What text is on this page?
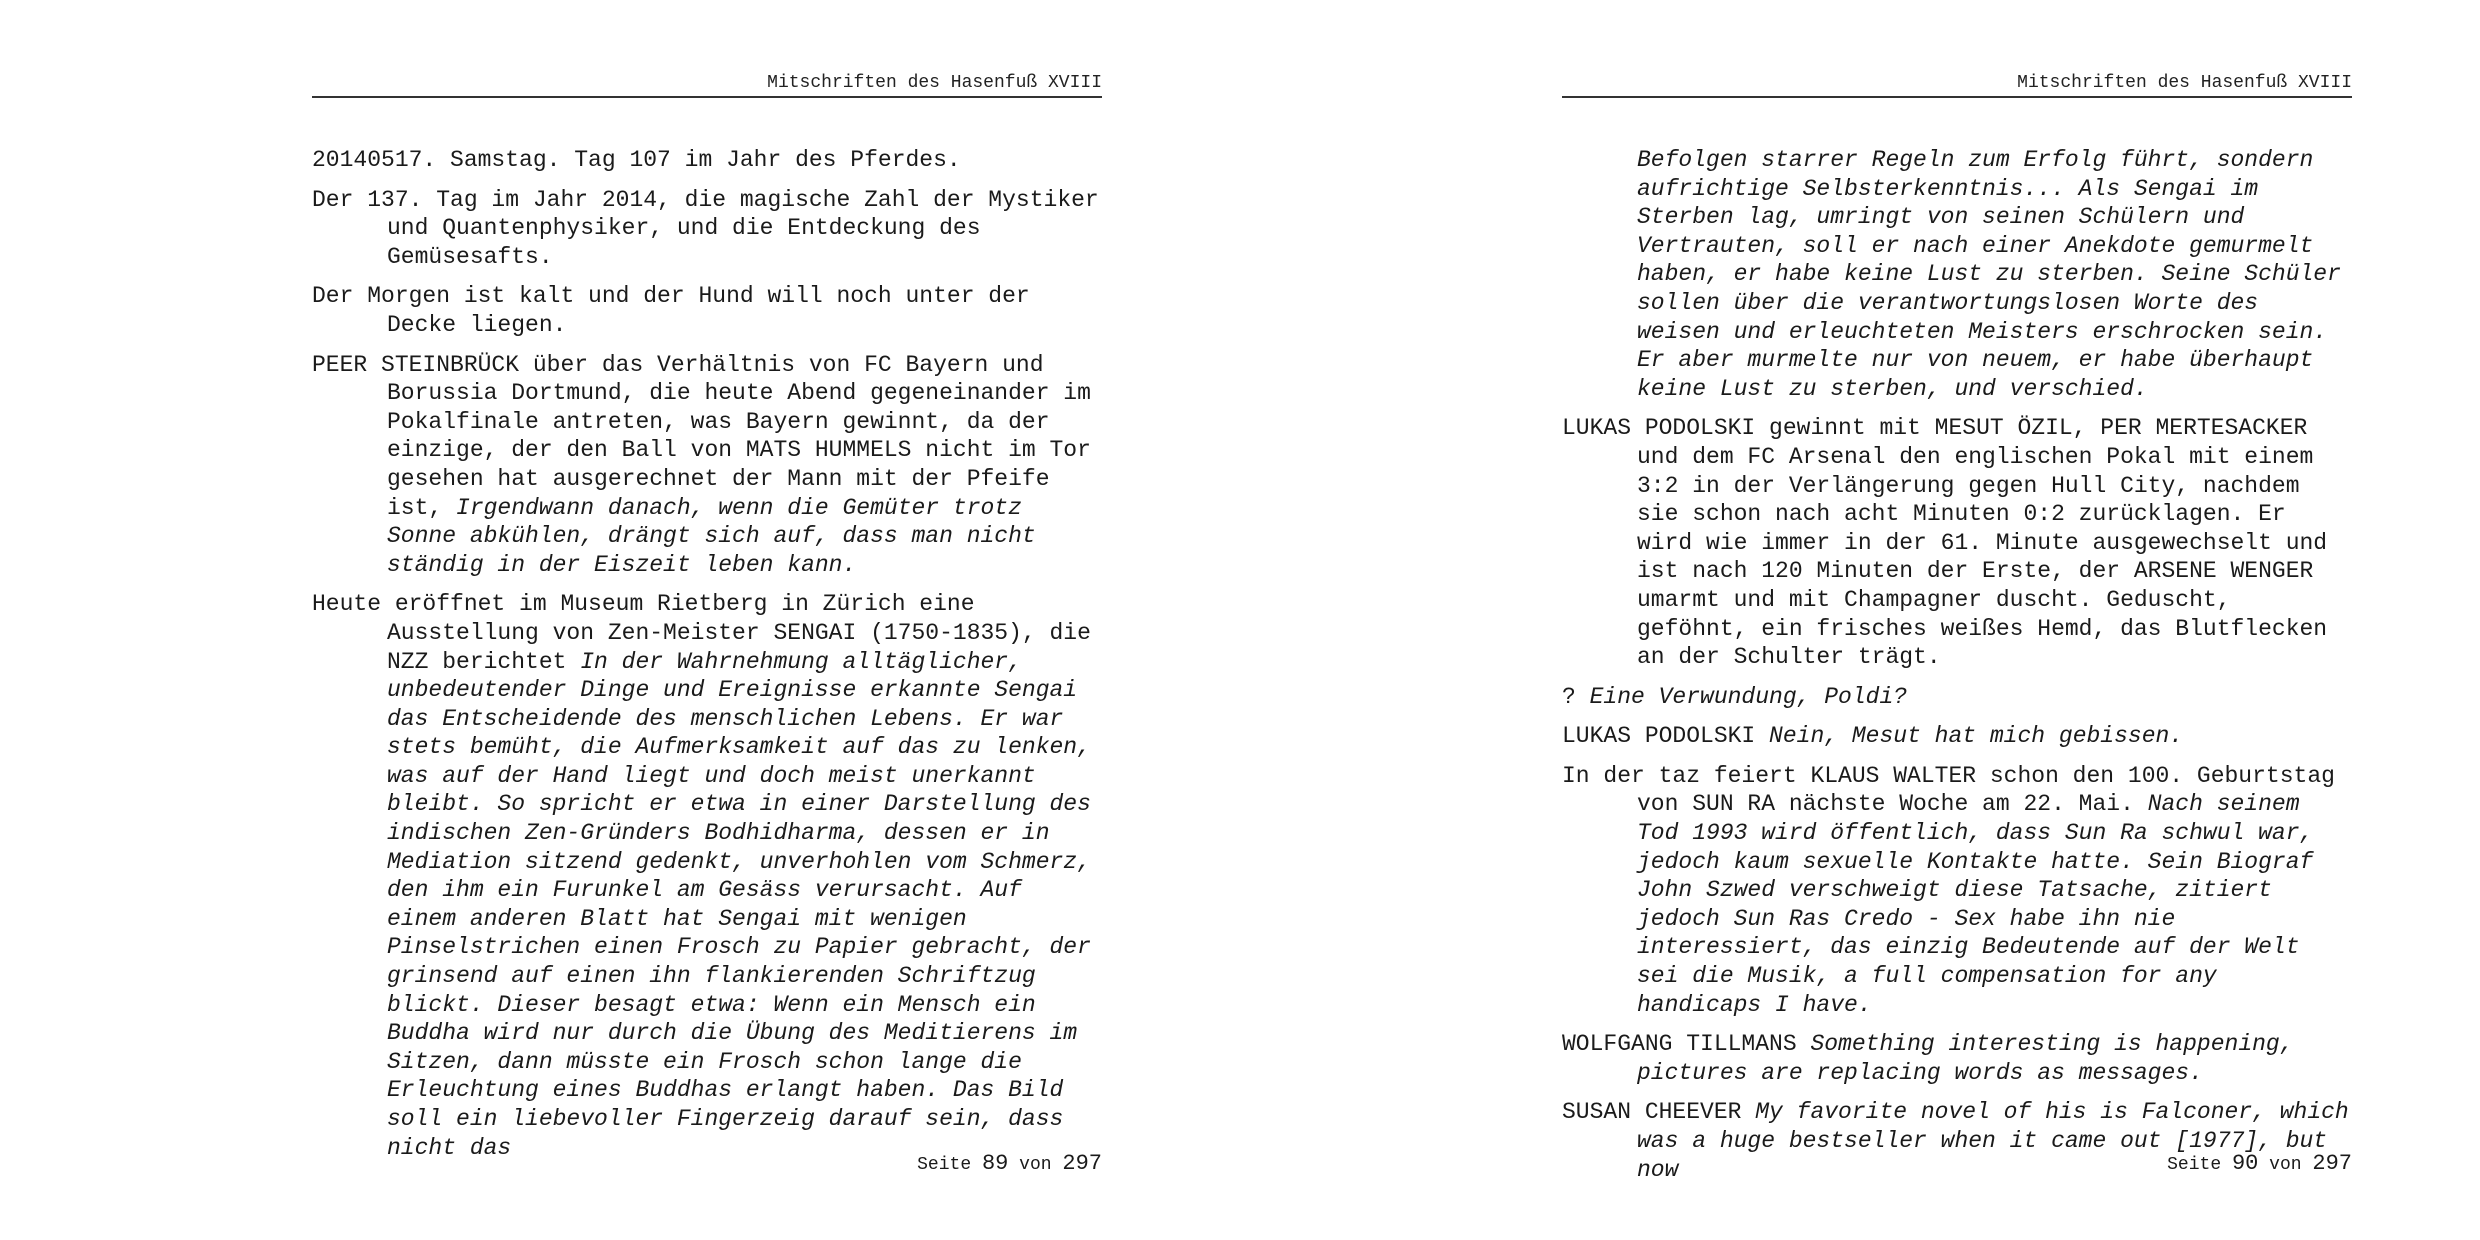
Mitschriften des Hasenfuß XVIII

20140517. Samstag. Tag 107 im Jahr des Pferdes.

Der 137. Tag im Jahr 2014, die magische Zahl der Mystiker und Quantenphysiker, und die Entdeckung des Gemüsesafts.

Der Morgen ist kalt und der Hund will noch unter der Decke liegen.

PEER STEINBRÜCK über das Verhältnis von FC Bayern und Borussia Dortmund, die heute Abend gegeneinander im Pokalfinale antreten, was Bayern gewinnt, da der einzige, der den Ball von MATS HUMMELS nicht im Tor gesehen hat ausgerechnet der Mann mit der Pfeife ist, Irgendwann danach, wenn die Gemüter trotz Sonne abkühlen, drängt sich auf, dass man nicht ständig in der Eiszeit leben kann.

Heute eröffnet im Museum Rietberg in Zürich eine Ausstellung von Zen-Meister SENGAI (1750-1835), die NZZ berichtet In der Wahrnehmung alltäglicher, unbedeutender Dinge und Ereignisse erkannte Sengai das Entscheidende des menschlichen Lebens. Er war stets bemüht, die Aufmerksamkeit auf das zu lenken, was auf der Hand liegt und doch meist unerkannt bleibt. So spricht er etwa in einer Darstellung des indischen Zen-Gründers Bodhidharma, dessen er in Mediation sitzend gedenkt, unverhohlen vom Schmerz, den ihm ein Furunkel am Gesäss verursacht. Auf einem anderen Blatt hat Sengai mit wenigen Pinselstrichen einen Frosch zu Papier gebracht, der grinsend auf einen ihn flankierenden Schriftzug blickt. Dieser besagt etwa: Wenn ein Mensch ein Buddha wird nur durch die Übung des Meditierens im Sitzen, dann müsste ein Frosch schon lange die Erleuchtung eines Buddhas erlangt haben. Das Bild soll ein liebevoller Fingerzeig darauf sein, dass nicht das

Seite 89 von 297
Mitschriften des Hasenfuß XVIII

Befolgen starrer Regeln zum Erfolg führt, sondern aufrichtige Selbsterkenntnis... Als Sengai im Sterben lag, umringt von seinen Schülern und Vertrauten, soll er nach einer Anekdote gemurmelt haben, er habe keine Lust zu sterben. Seine Schüler sollen über die verantwortungslosen Worte des weisen und erleuchteten Meisters erschrocken sein. Er aber murmelte nur von neuem, er habe überhaupt keine Lust zu sterben, und verschied.

LUKAS PODOLSKI gewinnt mit MESUT ÖZIL, PER MERTESACKER und dem FC Arsenal den englischen Pokal mit einem 3:2 in der Verlängerung gegen Hull City, nachdem sie schon nach acht Minuten 0:2 zurücklagen. Er wird wie immer in der 61. Minute ausgewechselt und ist nach 120 Minuten der Erste, der ARSENE WENGER umarmt und mit Champagner duscht. Geduscht, geföhnt, ein frisches weißes Hemd, das Blutflecken an der Schulter trägt.

? Eine Verwundung, Poldi?

LUKAS PODOLSKI Nein, Mesut hat mich gebissen.

In der taz feiert KLAUS WALTER schon den 100. Geburtstag von SUN RA nächste Woche am 22. Mai. Nach seinem Tod 1993 wird öffentlich, dass Sun Ra schwul war, jedoch kaum sexuelle Kontakte hatte. Sein Biograf John Szwed verschweigt diese Tatsache, zitiert jedoch Sun Ras Credo - Sex habe ihn nie interessiert, das einzig Bedeutende auf der Welt sei die Musik, a full compensation for any handicaps I have.

WOLFGANG TILLMANS Something interesting is happening, pictures are replacing words as messages.

SUSAN CHEEVER My favorite novel of his is Falconer, which was a huge bestseller when it came out [1977], but now	Seite 90 von 297
